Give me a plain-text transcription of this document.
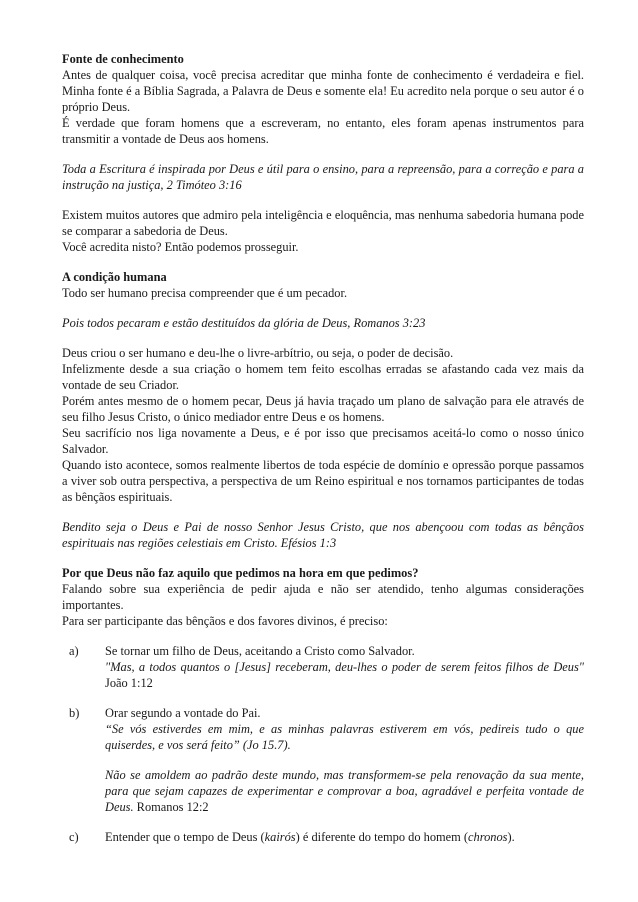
Fonte de conhecimento

Antes de qualquer coisa, você precisa acreditar que minha fonte de conhecimento é verdadeira e fiel. Minha fonte é a Bíblia Sagrada, a Palavra de Deus e somente ela! Eu acredito nela porque o seu autor é o próprio Deus.

É verdade que foram homens que a escreveram, no entanto, eles foram apenas instrumentos para transmitir a vontade de Deus aos homens.

Toda a Escritura é inspirada por Deus e útil para o ensino, para a repreensão, para a correção e para a instrução na justiça, 2 Timóteo 3:16

Existem muitos autores que admiro pela inteligência e eloquência, mas nenhuma sabedoria humana pode se comparar a sabedoria de Deus.

Você acredita nisto? Então podemos prosseguir.

A condição humana

Todo ser humano precisa compreender que é um pecador.

Pois todos pecaram e estão destituídos da glória de Deus, Romanos 3:23

Deus criou o ser humano e deu-lhe o livre-arbítrio, ou seja, o poder de decisão.

Infelizmente desde a sua criação o homem tem feito escolhas erradas se afastando cada vez mais da vontade de seu Criador.

Porém antes mesmo de o homem pecar, Deus já havia traçado um plano de salvação para ele através de seu filho Jesus Cristo, o único mediador entre Deus e os homens.

Seu sacrifício nos liga novamente a Deus, e é por isso que precisamos aceitá-lo como o nosso único Salvador.

Quando isto acontece, somos realmente libertos de toda espécie de domínio e opressão porque passamos a viver sob outra perspectiva, a perspectiva de um Reino espiritual e nos tornamos participantes de todas as bênçãos espirituais.

Bendito seja o Deus e Pai de nosso Senhor Jesus Cristo, que nos abençoou com todas as bênçãos espirituais nas regiões celestiais em Cristo. Efésios 1:3

Por que Deus não faz aquilo que pedimos na hora em que pedimos?

Falando sobre sua experiência de pedir ajuda e não ser atendido, tenho algumas considerações importantes.

Para ser participante das bênçãos e dos favores divinos, é preciso:

a)	Se tornar um filho de Deus, aceitando a Cristo como Salvador.

"Mas, a todos quantos o [Jesus] receberam, deu-lhes o poder de serem feitos filhos de Deus" João 1:12

b)	Orar segundo a vontade do Pai.

“Se vós estiverdes em mim, e as minhas palavras estiverem em vós, pedireis tudo o que quiserdes, e vos será feito” (Jo 15.7).

Não se amoldem ao padrão deste mundo, mas transformem-se pela renovação da sua mente, para que sejam capazes de experimentar e comprovar a boa, agradável e perfeita vontade de Deus. Romanos 12:2

c)	Entender que o tempo de Deus (kairós) é diferente do tempo do homem (chronos).
